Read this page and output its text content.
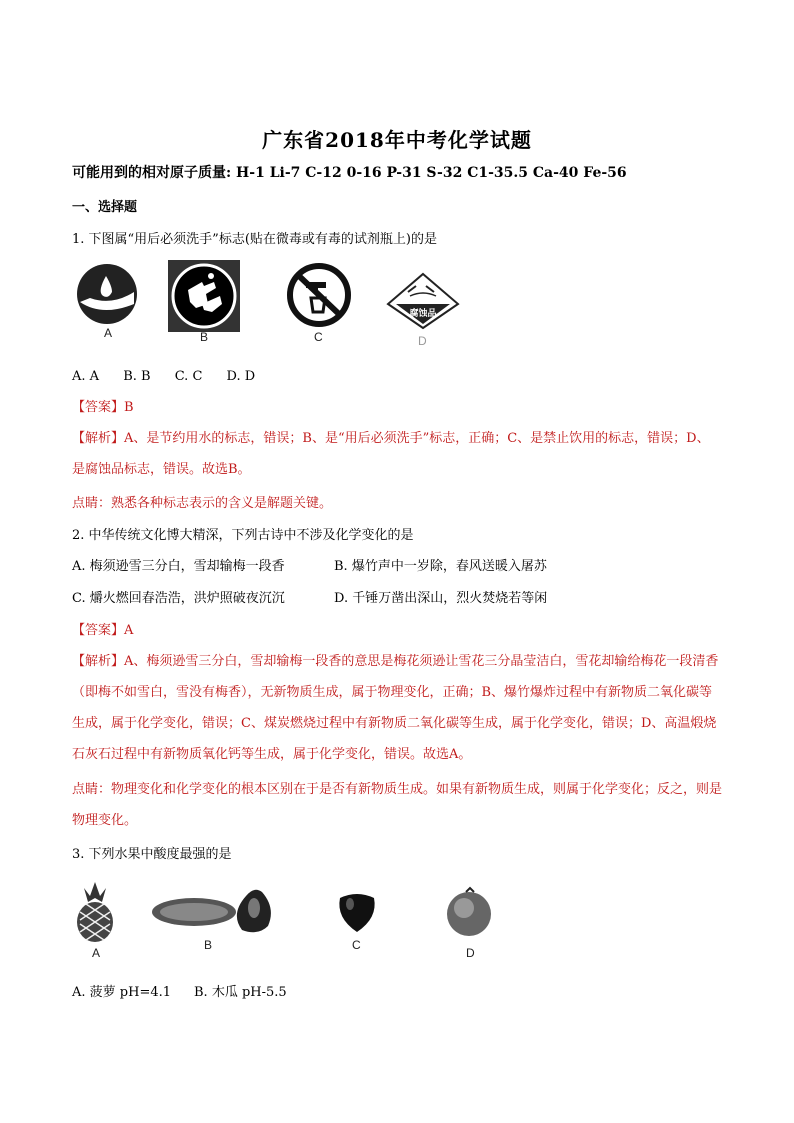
广东省2018年中考化学试题
可能用到的相对原子质量: H-1 Li-7 C-12 0-16 P-31 S-32 C1-35.5 Ca-40 Fe-56
一、选择题
1. 下图属“用后必须洗手”标志(贴在微毒或有毒的试剂瓶上)的是
A	B	C
腐蚀品
D
A. A B. B C. C D. D
【答案】B
【解析】A、是节约用水的标志，错误；B、是“用后必须洗手”标志，正确；C、是禁止饮用的标志，错误；D、是腐蚀品标志，错误。故选B。
点睛：熟悉各种标志表示的含义是解题关键。
2. 中华传统文化博大精深，下列古诗中不涉及化学变化的是
A. 梅须逊雪三分白，雪却输梅一段香	B. 爆竹声中一岁除，春风送暖入屠苏
C. 爝火燃回春浩浩，洪炉照破夜沉沉	D. 千锤万凿出深山，烈火焚烧若等闲
【答案】A
【解析】A、梅须逊雪三分白，雪却输梅一段香的意思是梅花须逊让雪花三分晶莹洁白，雪花却输给梅花一段清香（即梅不如雪白，雪没有梅香），无新物质生成，属于物理变化，正确；B、爆竹爆炸过程中有新物质二氧化碳等生成，属于化学变化，错误；C、煤炭燃烧过程中有新物质二氧化碳等生成，属于化学变化，错误；D、高温煅烧石灰石过程中有新物质氧化钙等生成，属于化学变化，错误。故选A。
点睛：物理变化和化学变化的根本区别在于是否有新物质生成。如果有新物质生成，则属于化学变化；反之，则是物理变化。
3. 下列水果中酸度最强的是
A
B	C
D
A. 菠萝 pH=4.1 B. 木瓜 pH-5.5
